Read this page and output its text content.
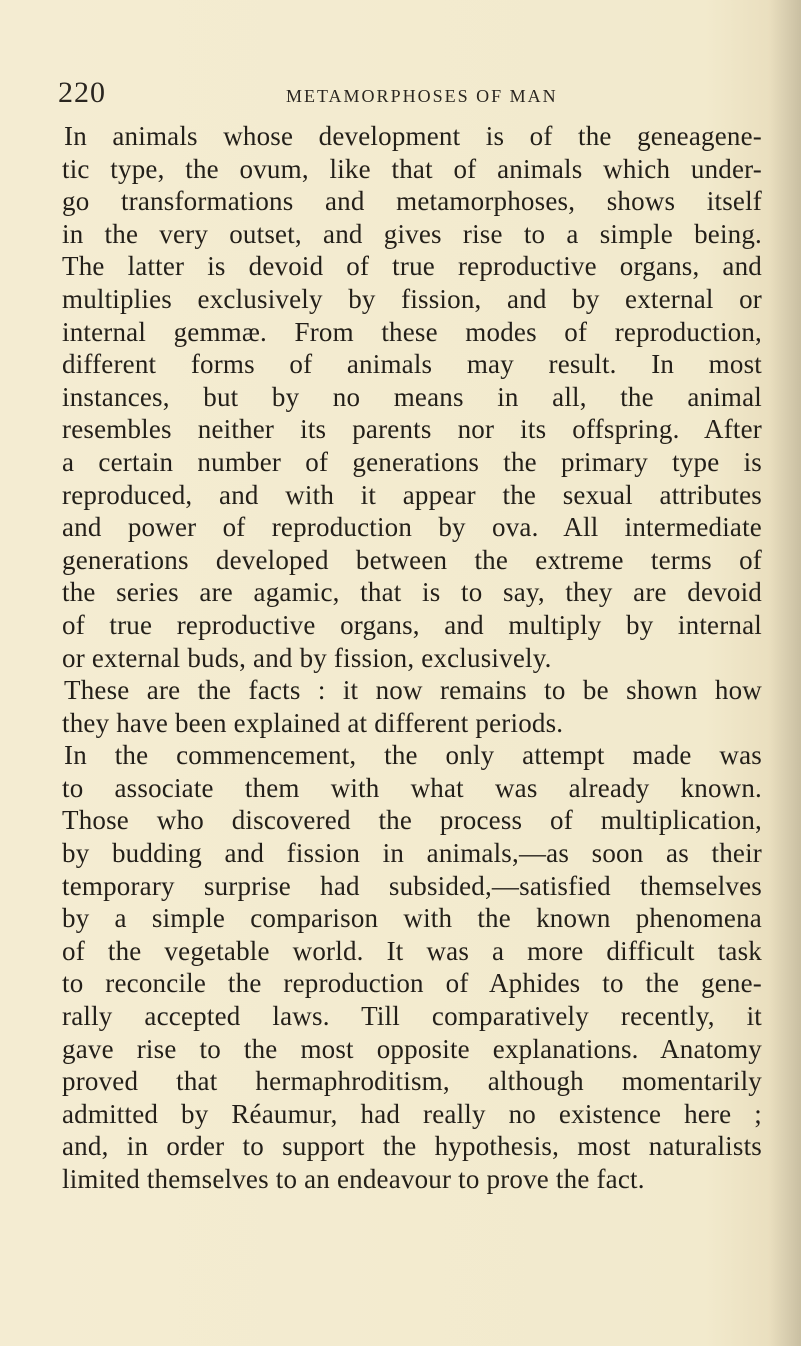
220	METAMORPHOSES OF MAN
In animals whose development is of the geneagene-
tic type, the ovum, like that of animals which under-
go transformations and metamorphoses, shows itself
in the very outset, and gives rise to a simple being.
The latter is devoid of true reproductive organs, and
multiplies exclusively by fission, and by external or
internal gemmæ. From these modes of reproduction,
different forms of animals may result. In most
instances, but by no means in all, the animal
resembles neither its parents nor its offspring. After
a certain number of generations the primary type is
reproduced, and with it appear the sexual attributes
and power of reproduction by ova. All intermediate
generations developed between the extreme terms of
the series are agamic, that is to say, they are devoid
of true reproductive organs, and multiply by internal
or external buds, and by fission, exclusively.
These are the facts : it now remains to be shown how
they have been explained at different periods.
In the commencement, the only attempt made was
to associate them with what was already known.
Those who discovered the process of multiplication,
by budding and fission in animals,—as soon as their
temporary surprise had subsided,—satisfied themselves
by a simple comparison with the known phenomena
of the vegetable world. It was a more difficult task
to reconcile the reproduction of Aphides to the gene-
rally accepted laws. Till comparatively recently, it
gave rise to the most opposite explanations. Anatomy
proved that hermaphroditism, although momentarily
admitted by Réaumur, had really no existence here ;
and, in order to support the hypothesis, most naturalists
limited themselves to an endeavour to prove the fact.
